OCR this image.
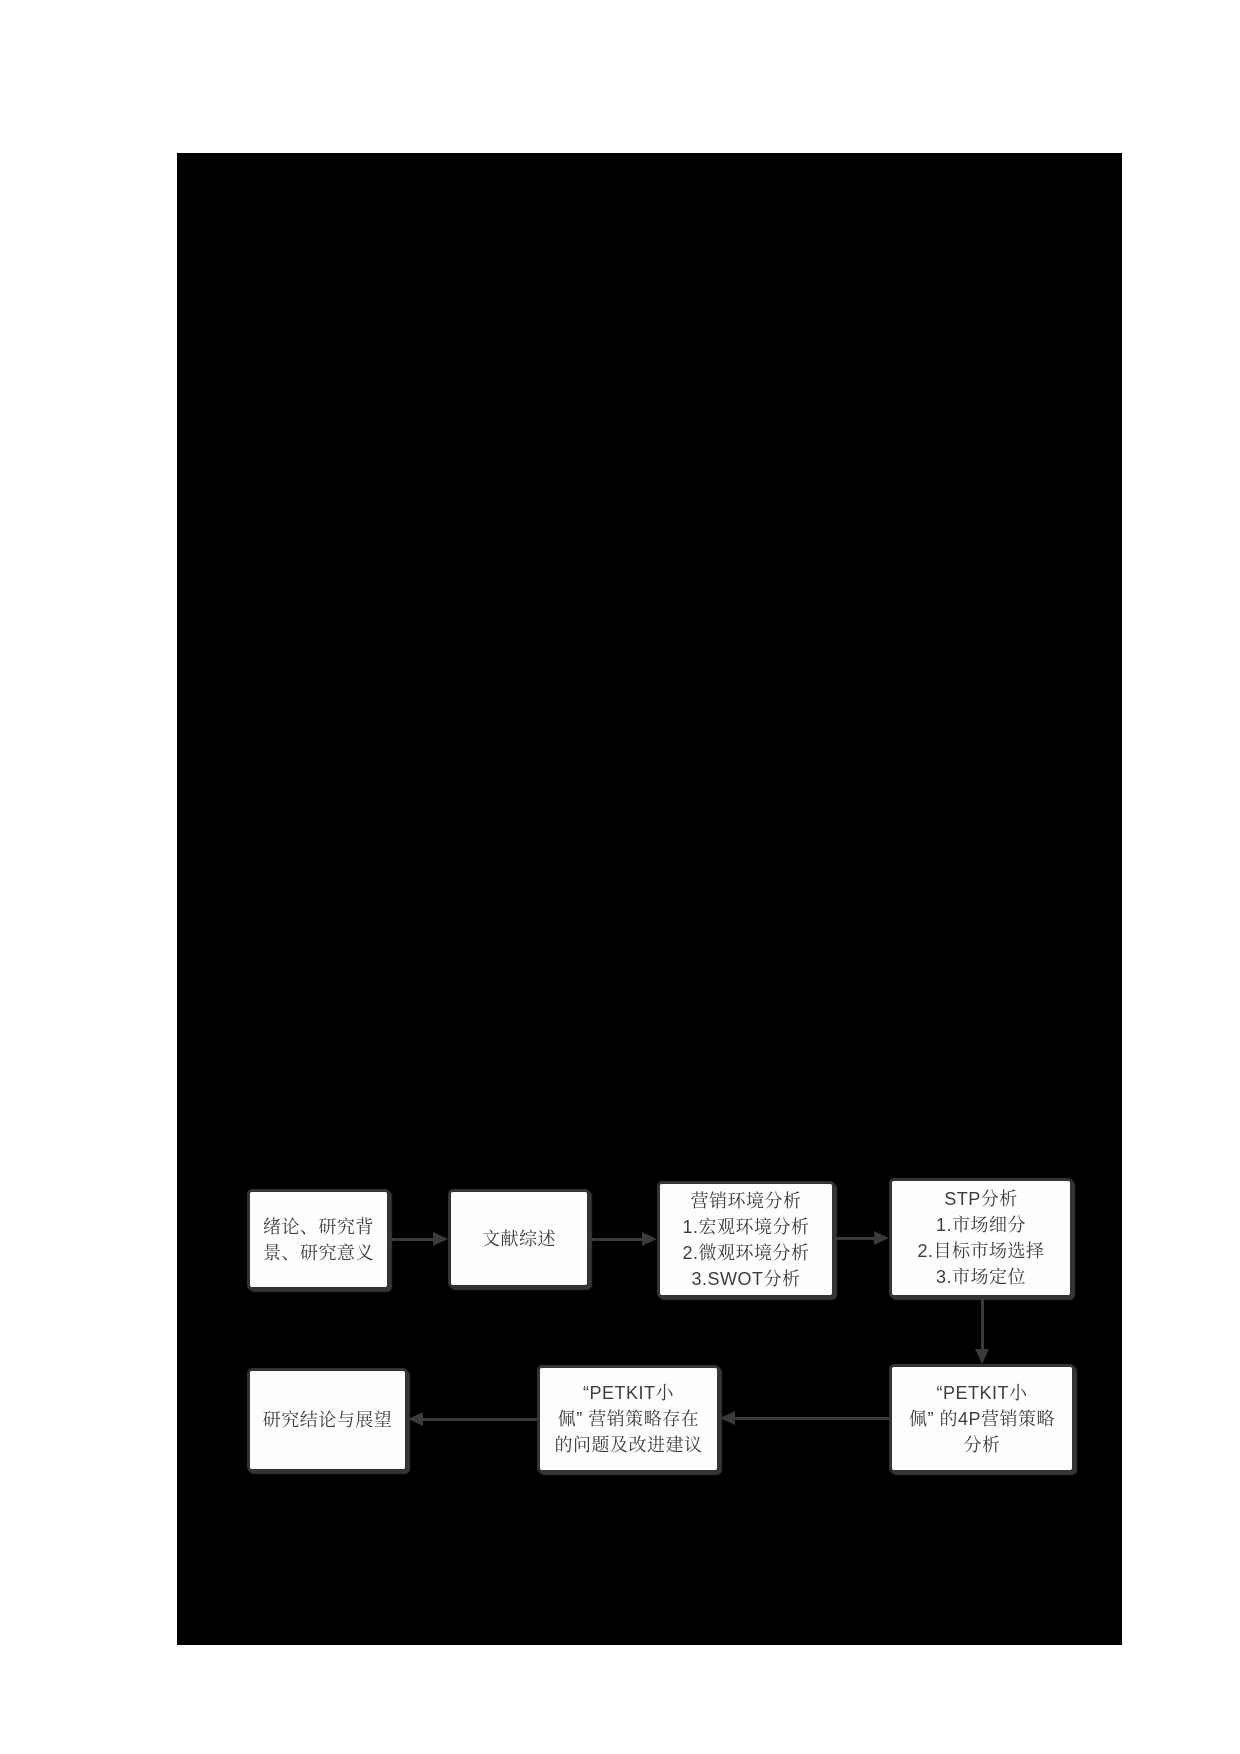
绪论、研究背
景、研究意义
文献综述
营销环境分析
1.宏观环境分析
2.微观环境分析
3.SWOT分析
STP分析
1.市场细分
2.目标市场选择
3.市场定位
研究结论与展望
“PETKIT小
佩” 营销策略存在
的问题及改进建议
“PETKIT小
佩” 的4P营销策略
分析
